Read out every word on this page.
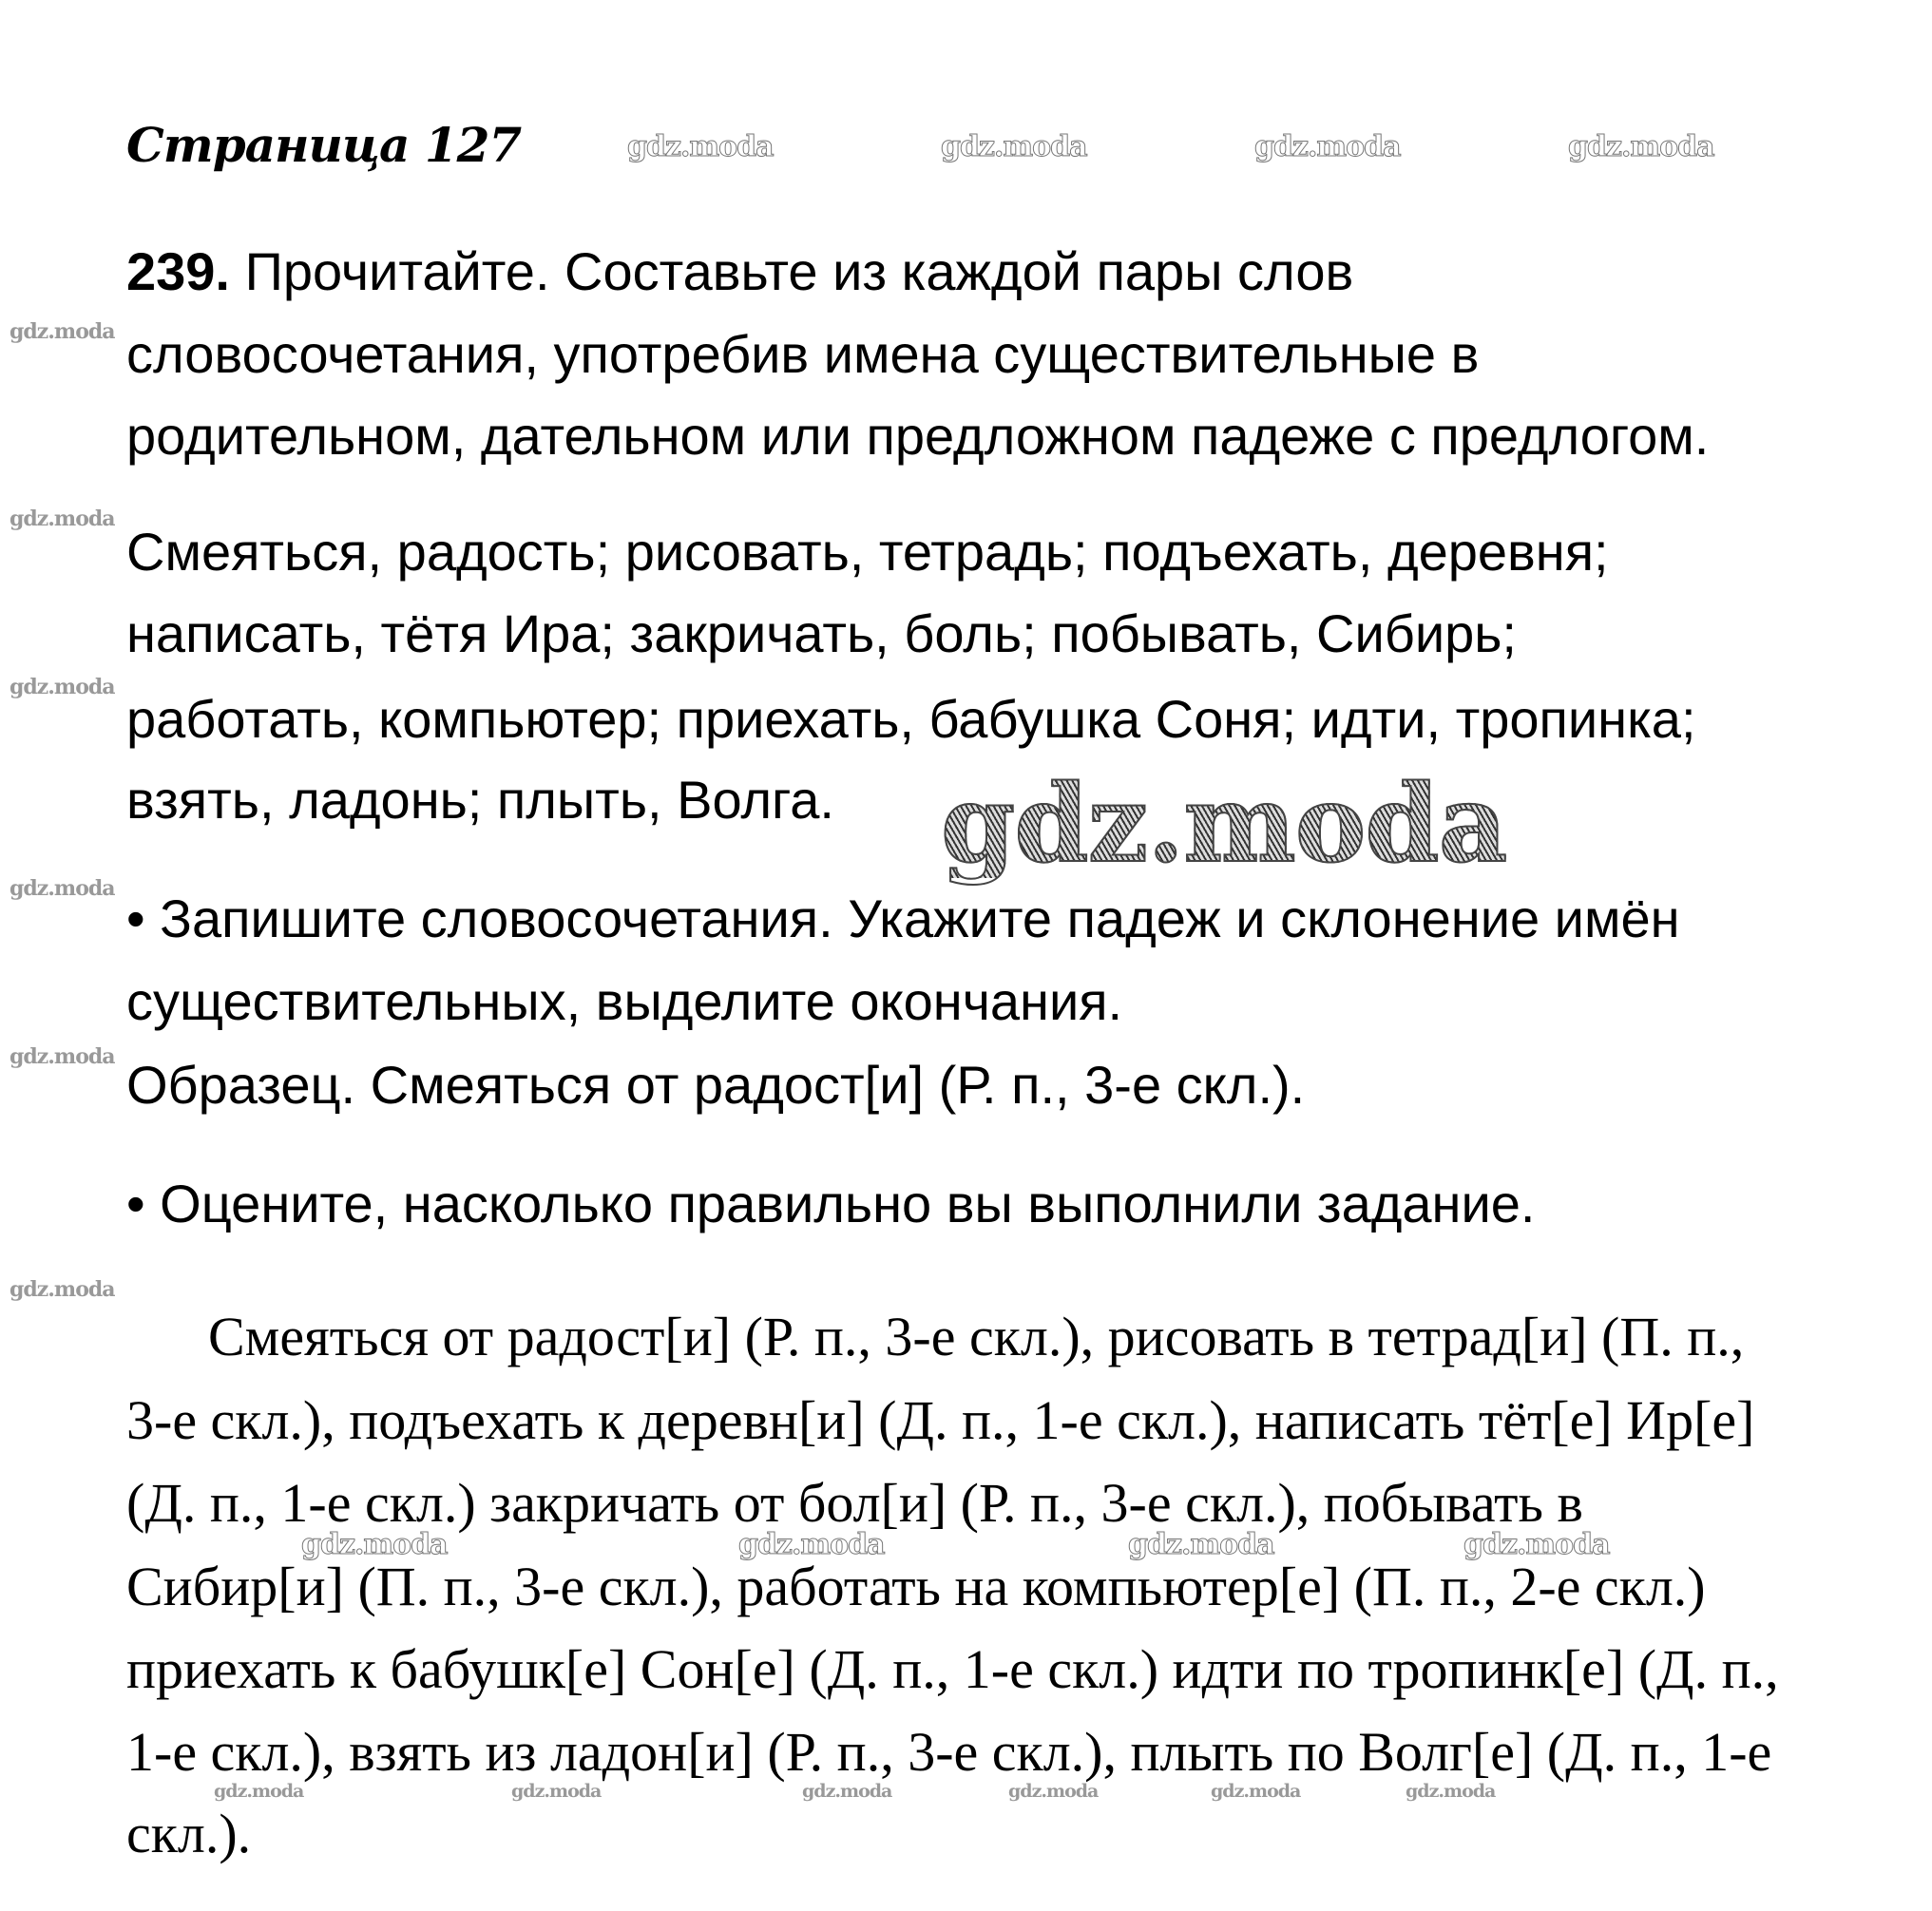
Страница 127
239. Прочитайте. Составьте из каждой пары слов
словосочетания, употребив имена существительные в
родительном, дательном или предложном падеже с предлогом.
Смеяться, радость; рисовать, тетрадь; подъехать, деревня;
написать, тётя Ира; закричать, боль; побывать, Сибирь;
работать, компьютер; приехать, бабушка Соня; идти, тропинка;
взять, ладонь; плыть, Волга.
• Запишите словосочетания. Укажите падеж и склонение имён
существительных, выделите окончания.
Образец. Смеяться от радост[и] (Р. п., 3-е скл.).
• Оцените, насколько правильно вы выполнили задание.
Смеяться от радост[и] (Р. п., 3-е скл.), рисовать в тетрад[и] (П. п.,
3-е скл.), подъехать к деревн[и] (Д. п., 1-е скл.), написать тёт[е] Ир[е]
(Д. п., 1-е скл.) закричать от бол[и] (Р. п., 3-е скл.), побывать в
Сибир[и] (П. п., 3-е скл.), работать на компьютер[е] (П. п., 2-е скл.)
приехать к бабушк[е] Сон[е] (Д. п., 1-е скл.) идти по тропинк[е] (Д. п.,
1-е скл.), взять из ладон[и] (Р. п., 3-е скл.), плыть по Волг[е] (Д. п., 1-е
скл.).
gdz.moda	gdz.moda	gdz.moda	gdz.moda
gdz.moda
gdz.moda
gdz.moda
gdz.moda
gdz.moda
gdz.moda
gdz.moda	gdz.moda	gdz.moda	gdz.moda
gdz.moda	gdz.moda	gdz.moda	gdz.moda	gdz.moda	gdz.moda
gdz.moda
